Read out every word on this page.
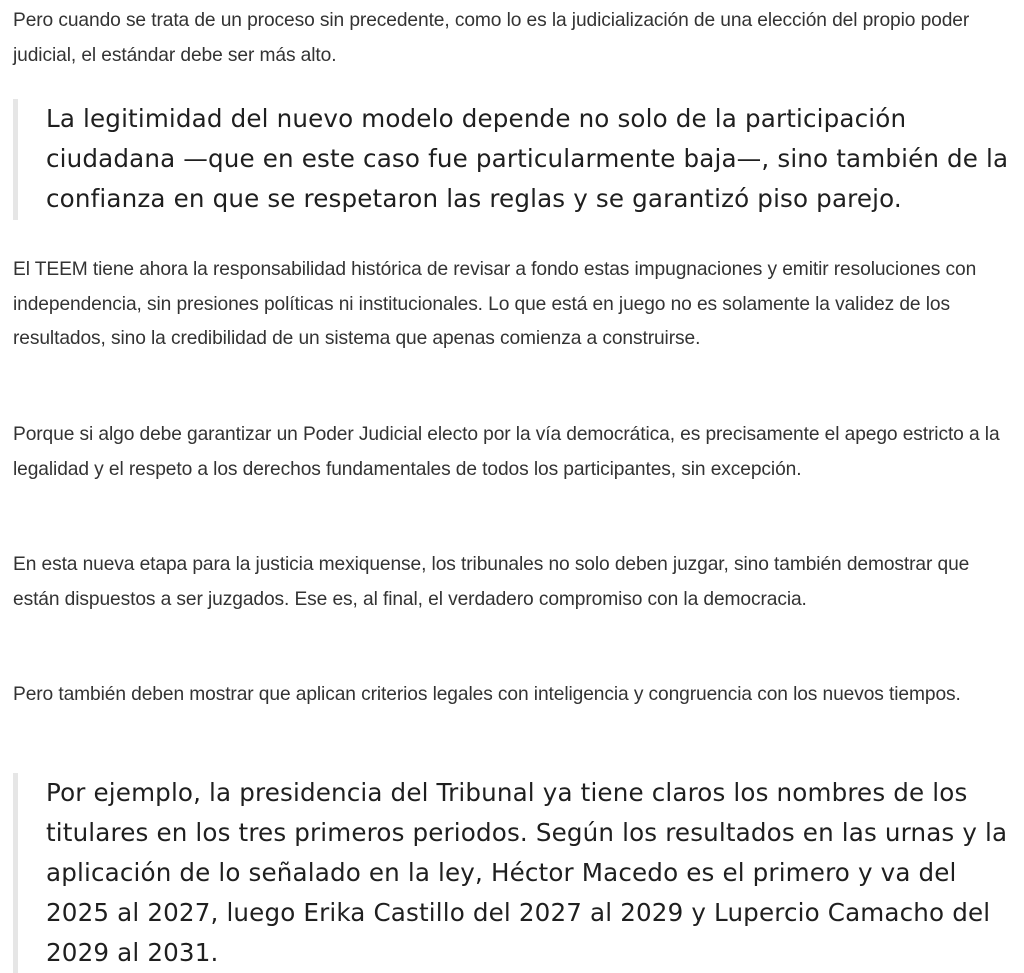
Pero cuando se trata de un proceso sin precedente, como lo es la judicialización de una elección del propio poder judicial, el estándar debe ser más alto.

La legitimidad del nuevo modelo depende no solo de la participación ciudadana —que en este caso fue particularmente baja—, sino también de la confianza en que se respetaron las reglas y se garantizó piso parejo.

El TEEM tiene ahora la responsabilidad histórica de revisar a fondo estas impugnaciones y emitir resoluciones con independencia, sin presiones políticas ni institucionales. Lo que está en juego no es solamente la validez de los resultados, sino la credibilidad de un sistema que apenas comienza a construirse.

Porque si algo debe garantizar un Poder Judicial electo por la vía democrática, es precisamente el apego estricto a la legalidad y el respeto a los derechos fundamentales de todos los participantes, sin excepción.

En esta nueva etapa para la justicia mexiquense, los tribunales no solo deben juzgar, sino también demostrar que están dispuestos a ser juzgados. Ese es, al final, el verdadero compromiso con la democracia.

Pero también deben mostrar que aplican criterios legales con inteligencia y congruencia con los nuevos tiempos.

Por ejemplo, la presidencia del Tribunal ya tiene claros los nombres de los titulares en los tres primeros periodos. Según los resultados en las urnas y la aplicación de lo señalado en la ley, Héctor Macedo es el primero y va del 2025 al 2027, luego Erika Castillo del 2027 al 2029 y Lupercio Camacho del 2029 al 2031.
